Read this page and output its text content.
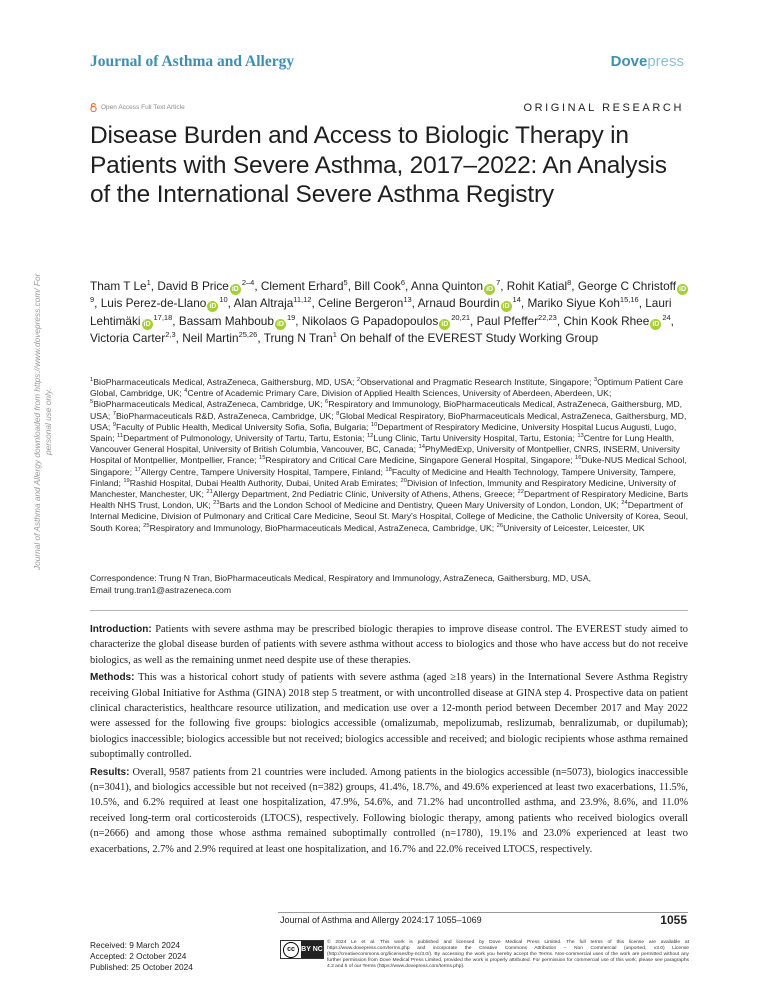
Journal of Asthma and Allergy	Dovepress
Open Access Full Text Article	ORIGINAL RESEARCH
Disease Burden and Access to Biologic Therapy in Patients with Severe Asthma, 2017–2022: An Analysis of the International Severe Asthma Registry
Tham T Le$^1$, David B Price $iD^{2-4}$, Clement Erhard$^5$, Bill Cook$^6$, Anna Quinton $iD^7$, Rohit Katial$^8$, George C Christoff $iD^9$, Luis Perez-de-Llano $iD^{10}$, Alan Altraja$^{11,12}$, Celine Bergeron$^{13}$, Arnaud Bourdin $iD^{14}$, Mariko Siyue Koh$^{15,16}$, Lauri Lehtimäki iD$^{17,18}$, Bassam Mahboub $iD^{19}$, Nikolaos G Papadopoulos iD$^{20,21}$, Paul Pfeffer$^{22,23}$, Chin Kook Rhee $iD^{24}$, Victoria Carter$^{2,3}$, Neil Martin$^{25,26}$, Trung N Tran$^1$ On behalf of the EVEREST Study Working Group
$^1$BioPharmaceuticals Medical, AstraZeneca, Gaithersburg, MD, USA; $^2$Observational and Pragmatic Research Institute, Singapore; $^3$Optimum Patient Care Global, Cambridge, UK; $^4$Centre of Academic Primary Care, Division of Applied Health Sciences, University of Aberdeen, Aberdeen, UK; $^5$BioPharmaceuticals Medical, AstraZeneca, Cambridge, UK; $^6$Respiratory and Immunology, BioPharmaceuticals Medical, AstraZeneca, Gaithersburg, MD, USA; $^7$BioPharmaceuticals R&D, AstraZeneca, Cambridge, UK; $^8$Global Medical Respiratory, BioPharmaceuticals Medical, AstraZeneca, Gaithersburg, MD, USA; $^9$Faculty of Public Health, Medical University Sofia, Sofia, Bulgaria; $^{10}$Department of Respiratory Medicine, University Hospital Lucus Augusti, Lugo, Spain; $^{11}$Department of Pulmonology, University of Tartu, Tartu, Estonia; $^{12}$Lung Clinic, Tartu University Hospital, Tartu, Estonia; $^{13}$Centre for Lung Health, Vancouver General Hospital, University of British Columbia, Vancouver, BC, Canada; $^{14}$PhyMedExp, University of Montpellier, CNRS, INSERM, University Hospital of Montpellier, Montpellier, France; $^{15}$Respiratory and Critical Care Medicine, Singapore General Hospital, Singapore; $^{16}$Duke-NUS Medical School, Singapore; $^{17}$Allergy Centre, Tampere University Hospital, Tampere, Finland; $^{18}$Faculty of Medicine and Health Technology, Tampere University, Tampere, Finland; $^{19}$Rashid Hospital, Dubai Health Authority, Dubai, United Arab Emirates; $^{20}$Division of Infection, Immunity and Respiratory Medicine, University of Manchester, Manchester, UK; $^{21}$Allergy Department, 2nd Pediatric Clinic, University of Athens, Athens, Greece; $^{22}$Department of Respiratory Medicine, Barts Health NHS Trust, London, UK; $^{23}$Barts and the London School of Medicine and Dentistry, Queen Mary University of London, London, UK; $^{24}$Department of Internal Medicine, Division of Pulmonary and Critical Care Medicine, Seoul St. Mary's Hospital, College of Medicine, the Catholic University of Korea, Seoul, South Korea; $^{25}$Respiratory and Immunology, BioPharmaceuticals Medical, AstraZeneca, Cambridge, UK; $^{26}$University of Leicester, Leicester, UK
Correspondence: Trung N Tran, BioPharmaceuticals Medical, Respiratory and Immunology, AstraZeneca, Gaithersburg, MD, USA,
Email trung.tran1@astrazeneca.com

Introduction: Patients with severe asthma may be prescribed biologic therapies to improve disease control. The EVEREST study aimed to characterize the global disease burden of patients with severe asthma without access to biologics and those who have access but do not receive biologics, as well as the remaining unmet need despite use of these therapies.

Methods: This was a historical cohort study of patients with severe asthma (aged ≥18 years) in the International Severe Asthma Registry receiving Global Initiative for Asthma (GINA) 2018 step 5 treatment, or with uncontrolled disease at GINA step 4. Prospective data on patient clinical characteristics, healthcare resource utilization, and medication use over a 12-month period between December 2017 and May 2022 were assessed for the following five groups: biologics accessible (omalizumab, mepolizumab, reslizumab, benralizumab, or dupilumab); biologics inaccessible; biologics accessible but not received; biologics accessible and received; and biologic recipients whose asthma remained suboptimally controlled.

Results: Overall, 9587 patients from 21 countries were included. Among patients in the biologics accessible (n=5073), biologics inaccessible (n=3041), and biologics accessible but not received (n=382) groups, 41.4%, 18.7%, and 49.6% experienced at least two exacerbations, 11.5%, 10.5%, and 6.2% required at least one hospitalization, 47.9%, 54.6%, and 71.2% had uncontrolled asthma, and 23.9%, 8.6%, and 11.0% received long-term oral corticosteroids (LTOCS), respectively. Following biologic therapy, among patients who received biologics overall (n=2666) and among those whose asthma remained suboptimally controlled (n=1780), 19.1% and 23.0% experienced at least two exacerbations, 2.7% and 2.9% required at least one hospitalization, and 16.7% and 22.0% received LTOCS, respectively.

Journal of Asthma and Allergy downloaded from https://www.dovepress.com/ For personal use only.
Journal of Asthma and Allergy 2024:17 1055–1069	1055
Received: 9 March 2024
Accepted: 2 October 2024
Published: 25 October 2024
cc BY NC
© 2024 Le et al. This work is published and licensed by Dove Medical Press Limited. The full terms of this license are available at https://www.dovepress.com/terms.php and incorporate the Creative Commons Attribution – Non Commercial (unported, v3.0) License (http://creativecommons.org/licenses/by-nc/3.0/). By accessing the work you hereby accept the Terms. Non-commercial uses of the work are permitted without any further permission from Dove Medical Press Limited, provided the work is properly attributed. For permission for commercial use of this work, please see paragraphs 4.2 and 5 of our Terms (https://www.dovepress.com/terms.php).
